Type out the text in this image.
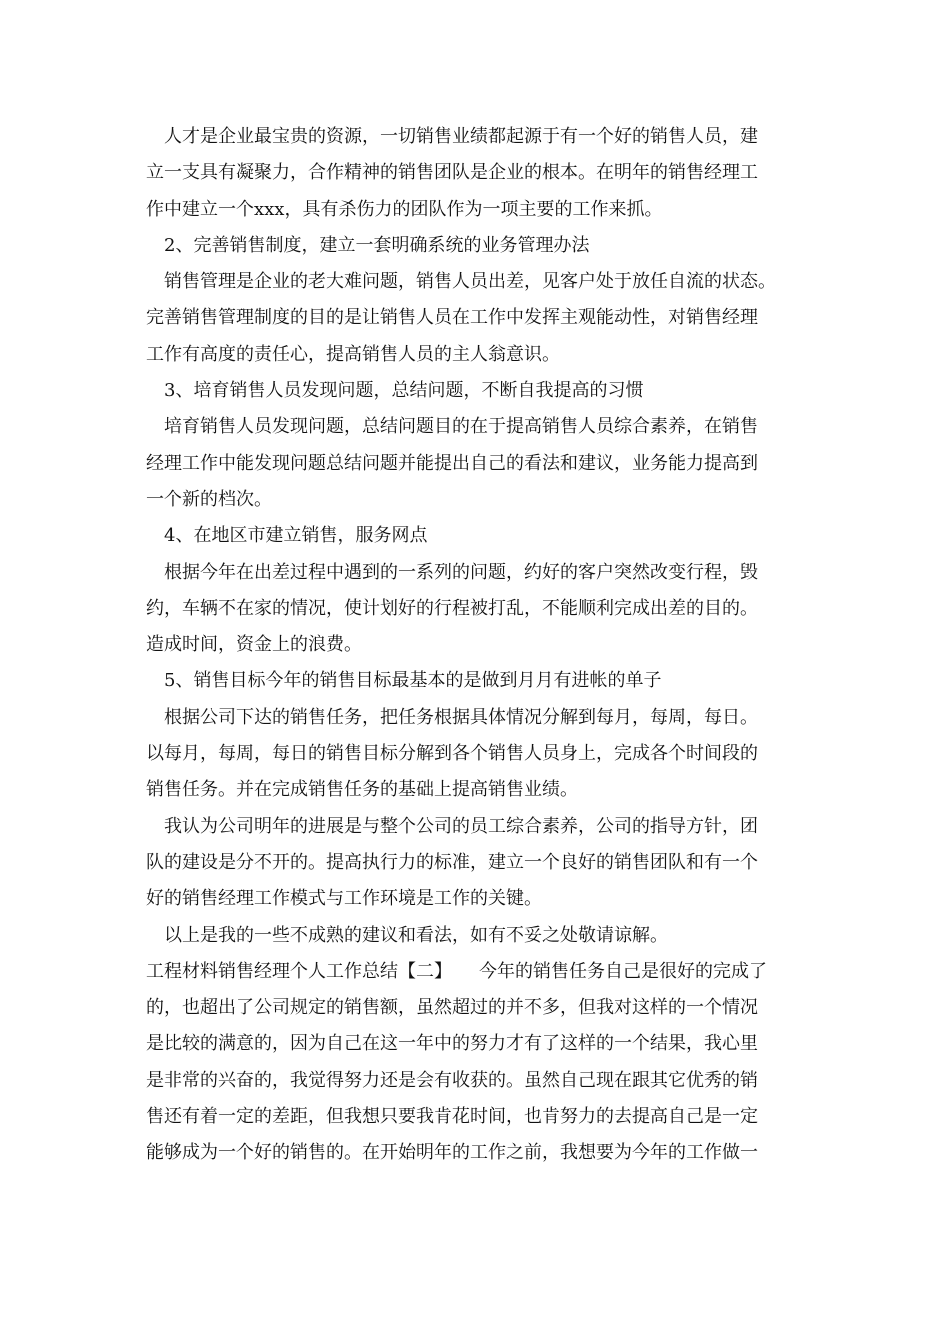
人才是企业最宝贵的资源，一切销售业绩都起源于有一个好的销售人员，建
立一支具有凝聚力，合作精神的销售团队是企业的根本。在明年的销售经理工
作中建立一个xxx，具有杀伤力的团队作为一项主要的工作来抓。
2、完善销售制度，建立一套明确系统的业务管理办法
销售管理是企业的老大难问题，销售人员出差，见客户处于放任自流的状态。
完善销售管理制度的目的是让销售人员在工作中发挥主观能动性，对销售经理
工作有高度的责任心，提高销售人员的主人翁意识。
3、培育销售人员发现问题，总结问题，不断自我提高的习惯
培育销售人员发现问题，总结问题目的在于提高销售人员综合素养，在销售
经理工作中能发现问题总结问题并能提出自己的看法和建议，业务能力提高到
一个新的档次。
4、在地区市建立销售，服务网点
根据今年在出差过程中遇到的一系列的问题，约好的客户突然改变行程，毁
约，车辆不在家的情况，使计划好的行程被打乱，不能顺利完成出差的目的。
造成时间，资金上的浪费。
5、销售目标今年的销售目标最基本的是做到月月有进帐的单子
根据公司下达的销售任务，把任务根据具体情况分解到每月，每周，每日。
以每月，每周，每日的销售目标分解到各个销售人员身上，完成各个时间段的
销售任务。并在完成销售任务的基础上提高销售业绩。
我认为公司明年的进展是与整个公司的员工综合素养，公司的指导方针，团
队的建设是分不开的。提高执行力的标准，建立一个良好的销售团队和有一个
好的销售经理工作模式与工作环境是工作的关键。
以上是我的一些不成熟的建议和看法，如有不妥之处敬请谅解。
工程材料销售经理个人工作总结【二】　　今年的销售任务自己是很好的完成了
的，也超出了公司规定的销售额，虽然超过的并不多，但我对这样的一个情况
是比较的满意的，因为自己在这一年中的努力才有了这样的一个结果，我心里
是非常的兴奋的，我觉得努力还是会有收获的。虽然自己现在跟其它优秀的销
售还有着一定的差距，但我想只要我肯花时间，也肯努力的去提高自己是一定
能够成为一个好的销售的。在开始明年的工作之前，我想要为今年的工作做一
